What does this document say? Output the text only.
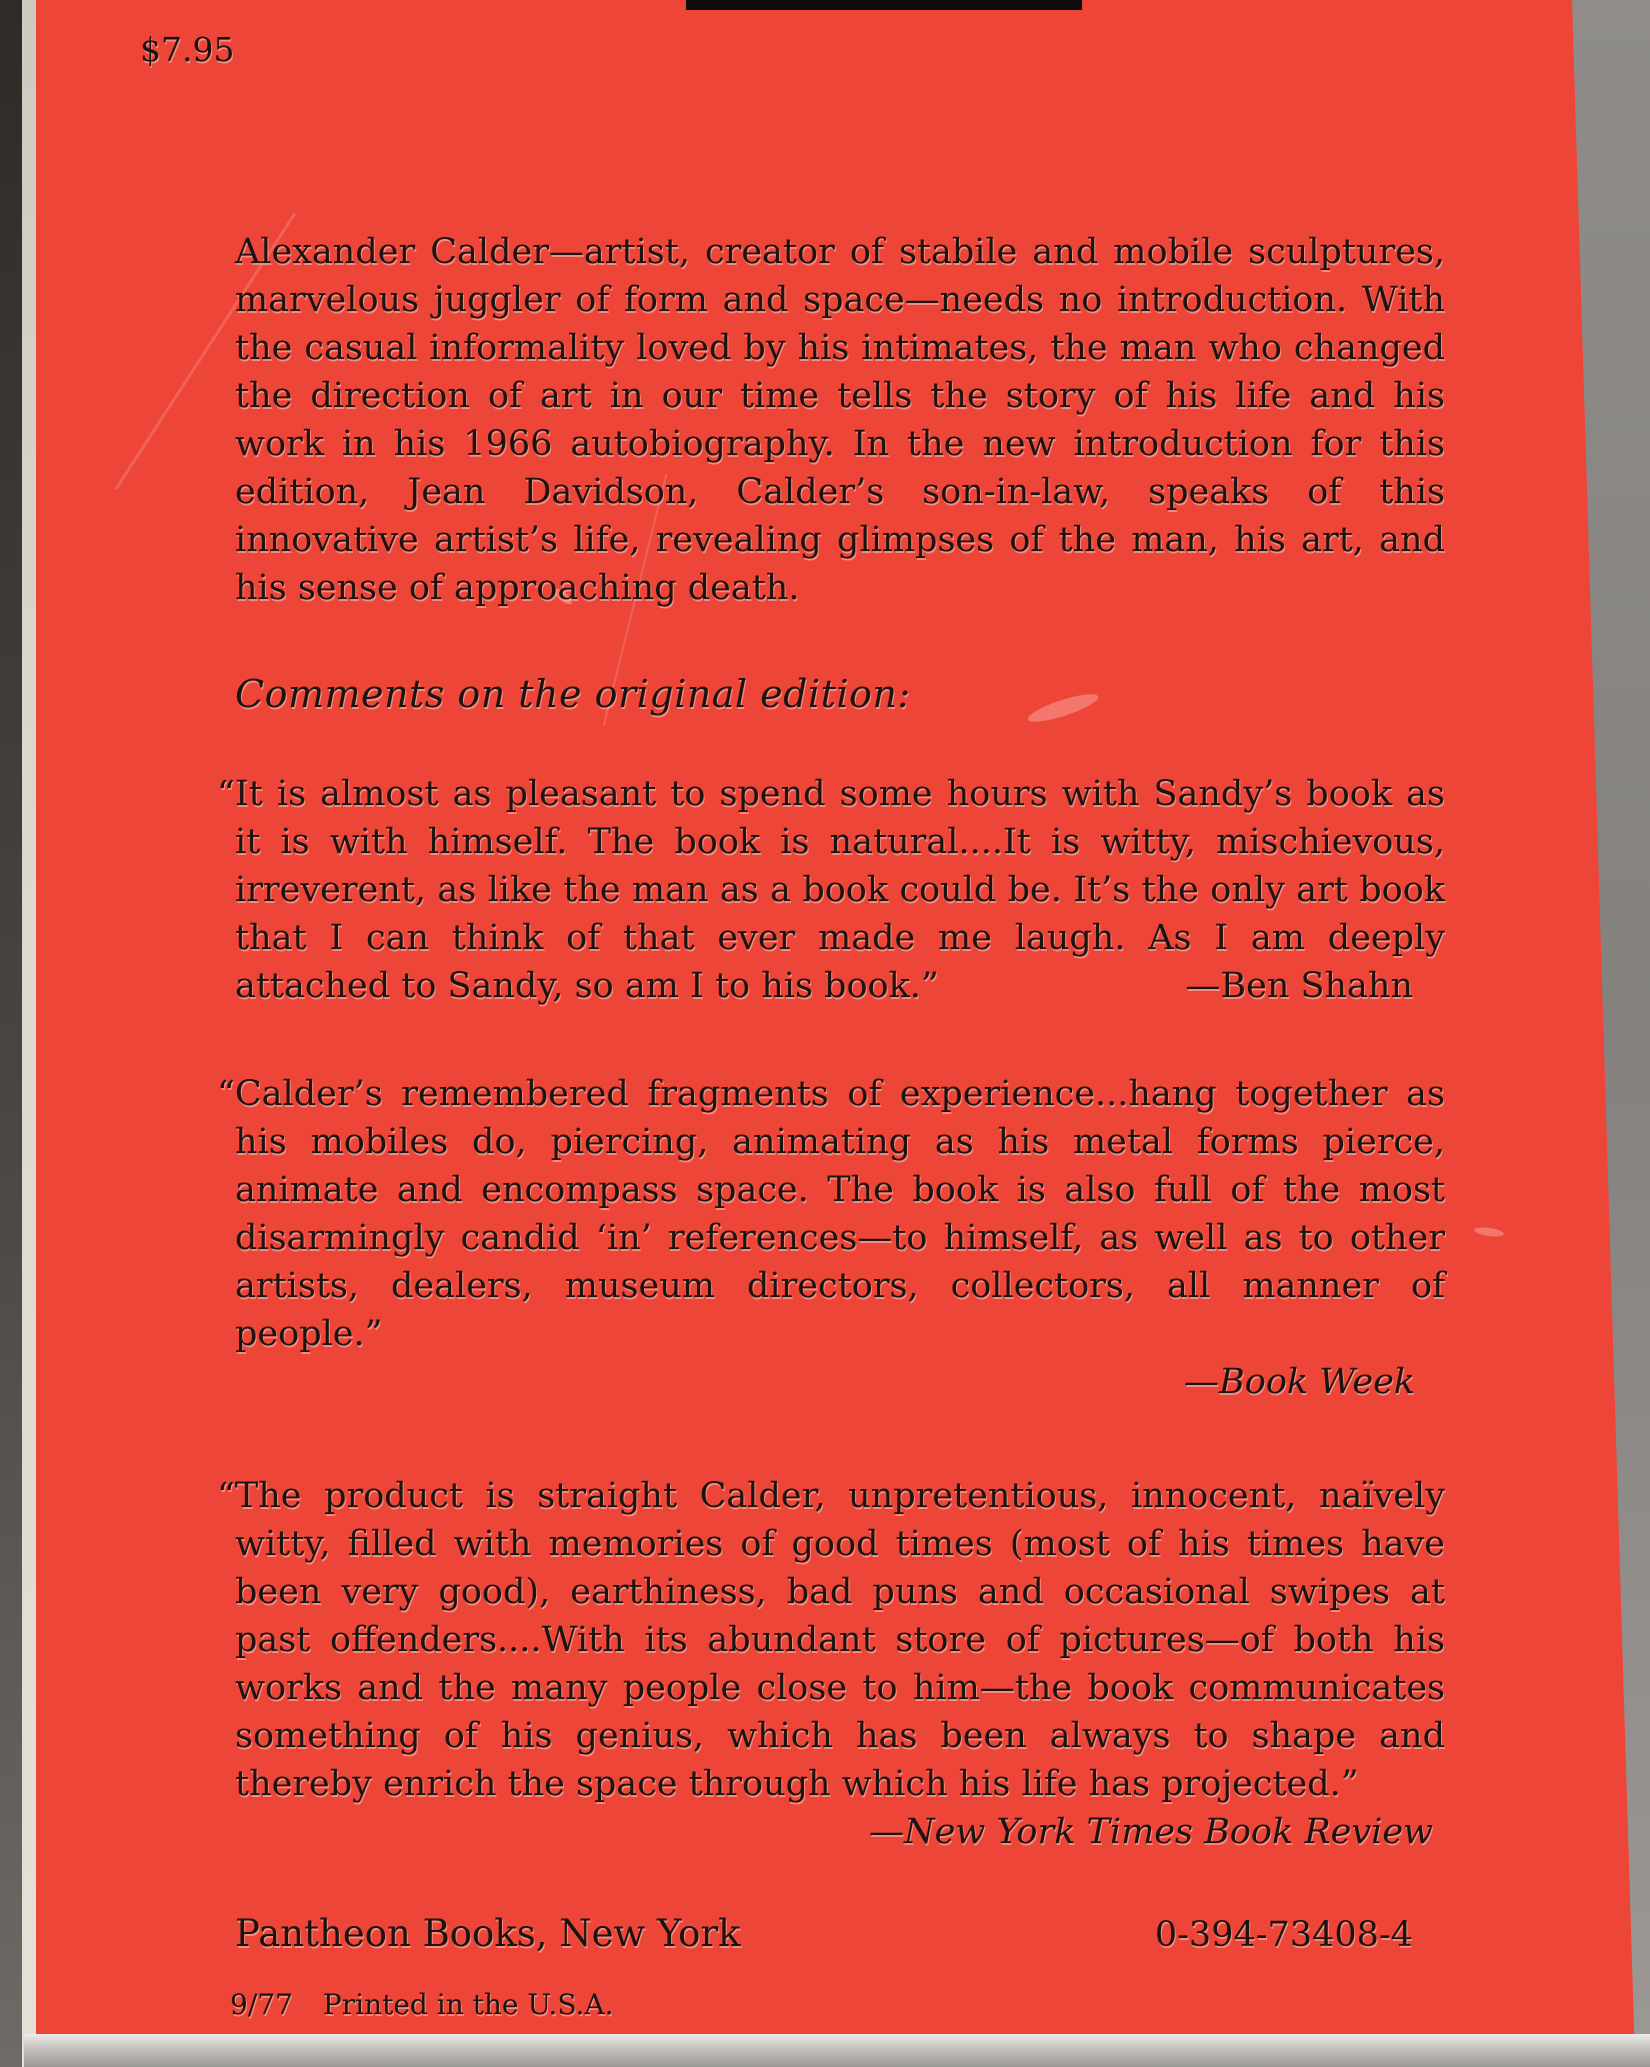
$7.95

Alexander Calder—artist, creator of stabile and mobile sculptures, marvelous juggler of form and space—needs no introduction. With the casual informality loved by his intimates, the man who changed the direction of art in our time tells the story of his life and his work in his 1966 autobiography. In the new introduction for this edition, Jean Davidson, Calder’s son-in-law, speaks of this innovative artist’s life, revealing glimpses of the man, his art, and his sense of approaching death.

Comments on the original edition:

“It is almost as pleasant to spend some hours with Sandy’s book as it is with himself. The book is natural....It is witty, mischievous, irreverent, as like the man as a book could be. It’s the only art book that I can think of that ever made me laugh. As I am deeply attached to Sandy, so am I to his book.”	—Ben Shahn

“Calder’s remembered fragments of experience...hang together as his mobiles do, piercing, animating as his metal forms pierce, animate and encompass space. The book is also full of the most disarmingly candid ‘in’ references—to himself, as well as to other artists, dealers, museum directors, collectors, all manner of people.”

—Book Week

“The product is straight Calder, unpretentious, innocent, naïvely witty, filled with memories of good times (most of his times have been very good), earthiness, bad puns and occasional swipes at past offenders....With its abundant store of pictures—of both his works and the many people close to him—the book communicates something of his genius, which has been always to shape and thereby enrich the space through which his life has projected.”

—New York Times Book Review
Pantheon Books, New York	0-394-73408-4
9/77 Printed in the U.S.A.
